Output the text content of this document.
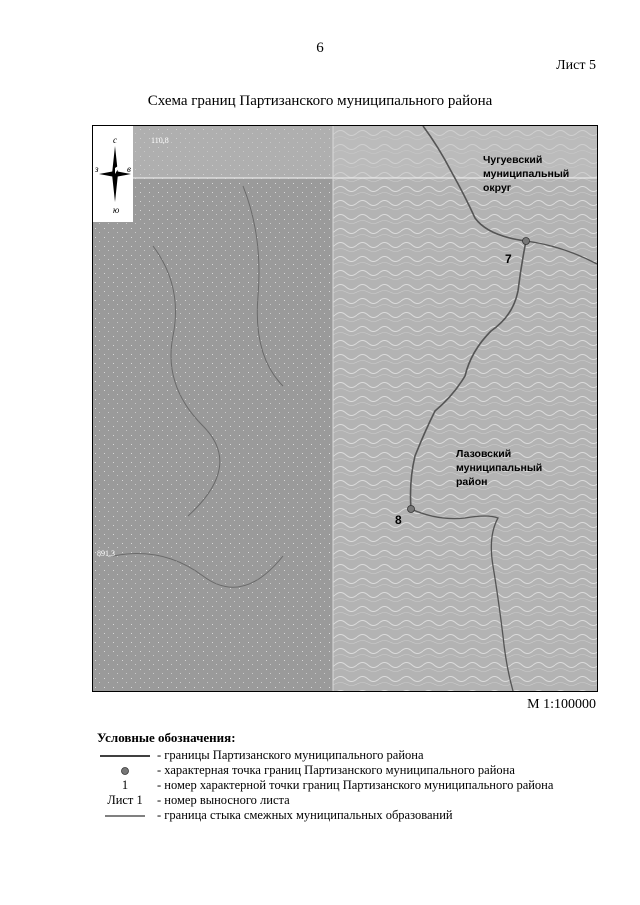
6
Лист 5
Схема границ Партизанского муниципального района
с
ю
з	в
110,8
891,3
7
8
Чугуевский
муниципальный
округ
Лазовский
муниципальный
район
М 1:100000
Условные обозначения:
- границы Партизанского муниципального района
- характерная точка границ Партизанского муниципального района
1	- номер характерной точки границ Партизанского муниципального района
Лист 1	- номер выносного листа
- граница стыка смежных муниципальных образований
